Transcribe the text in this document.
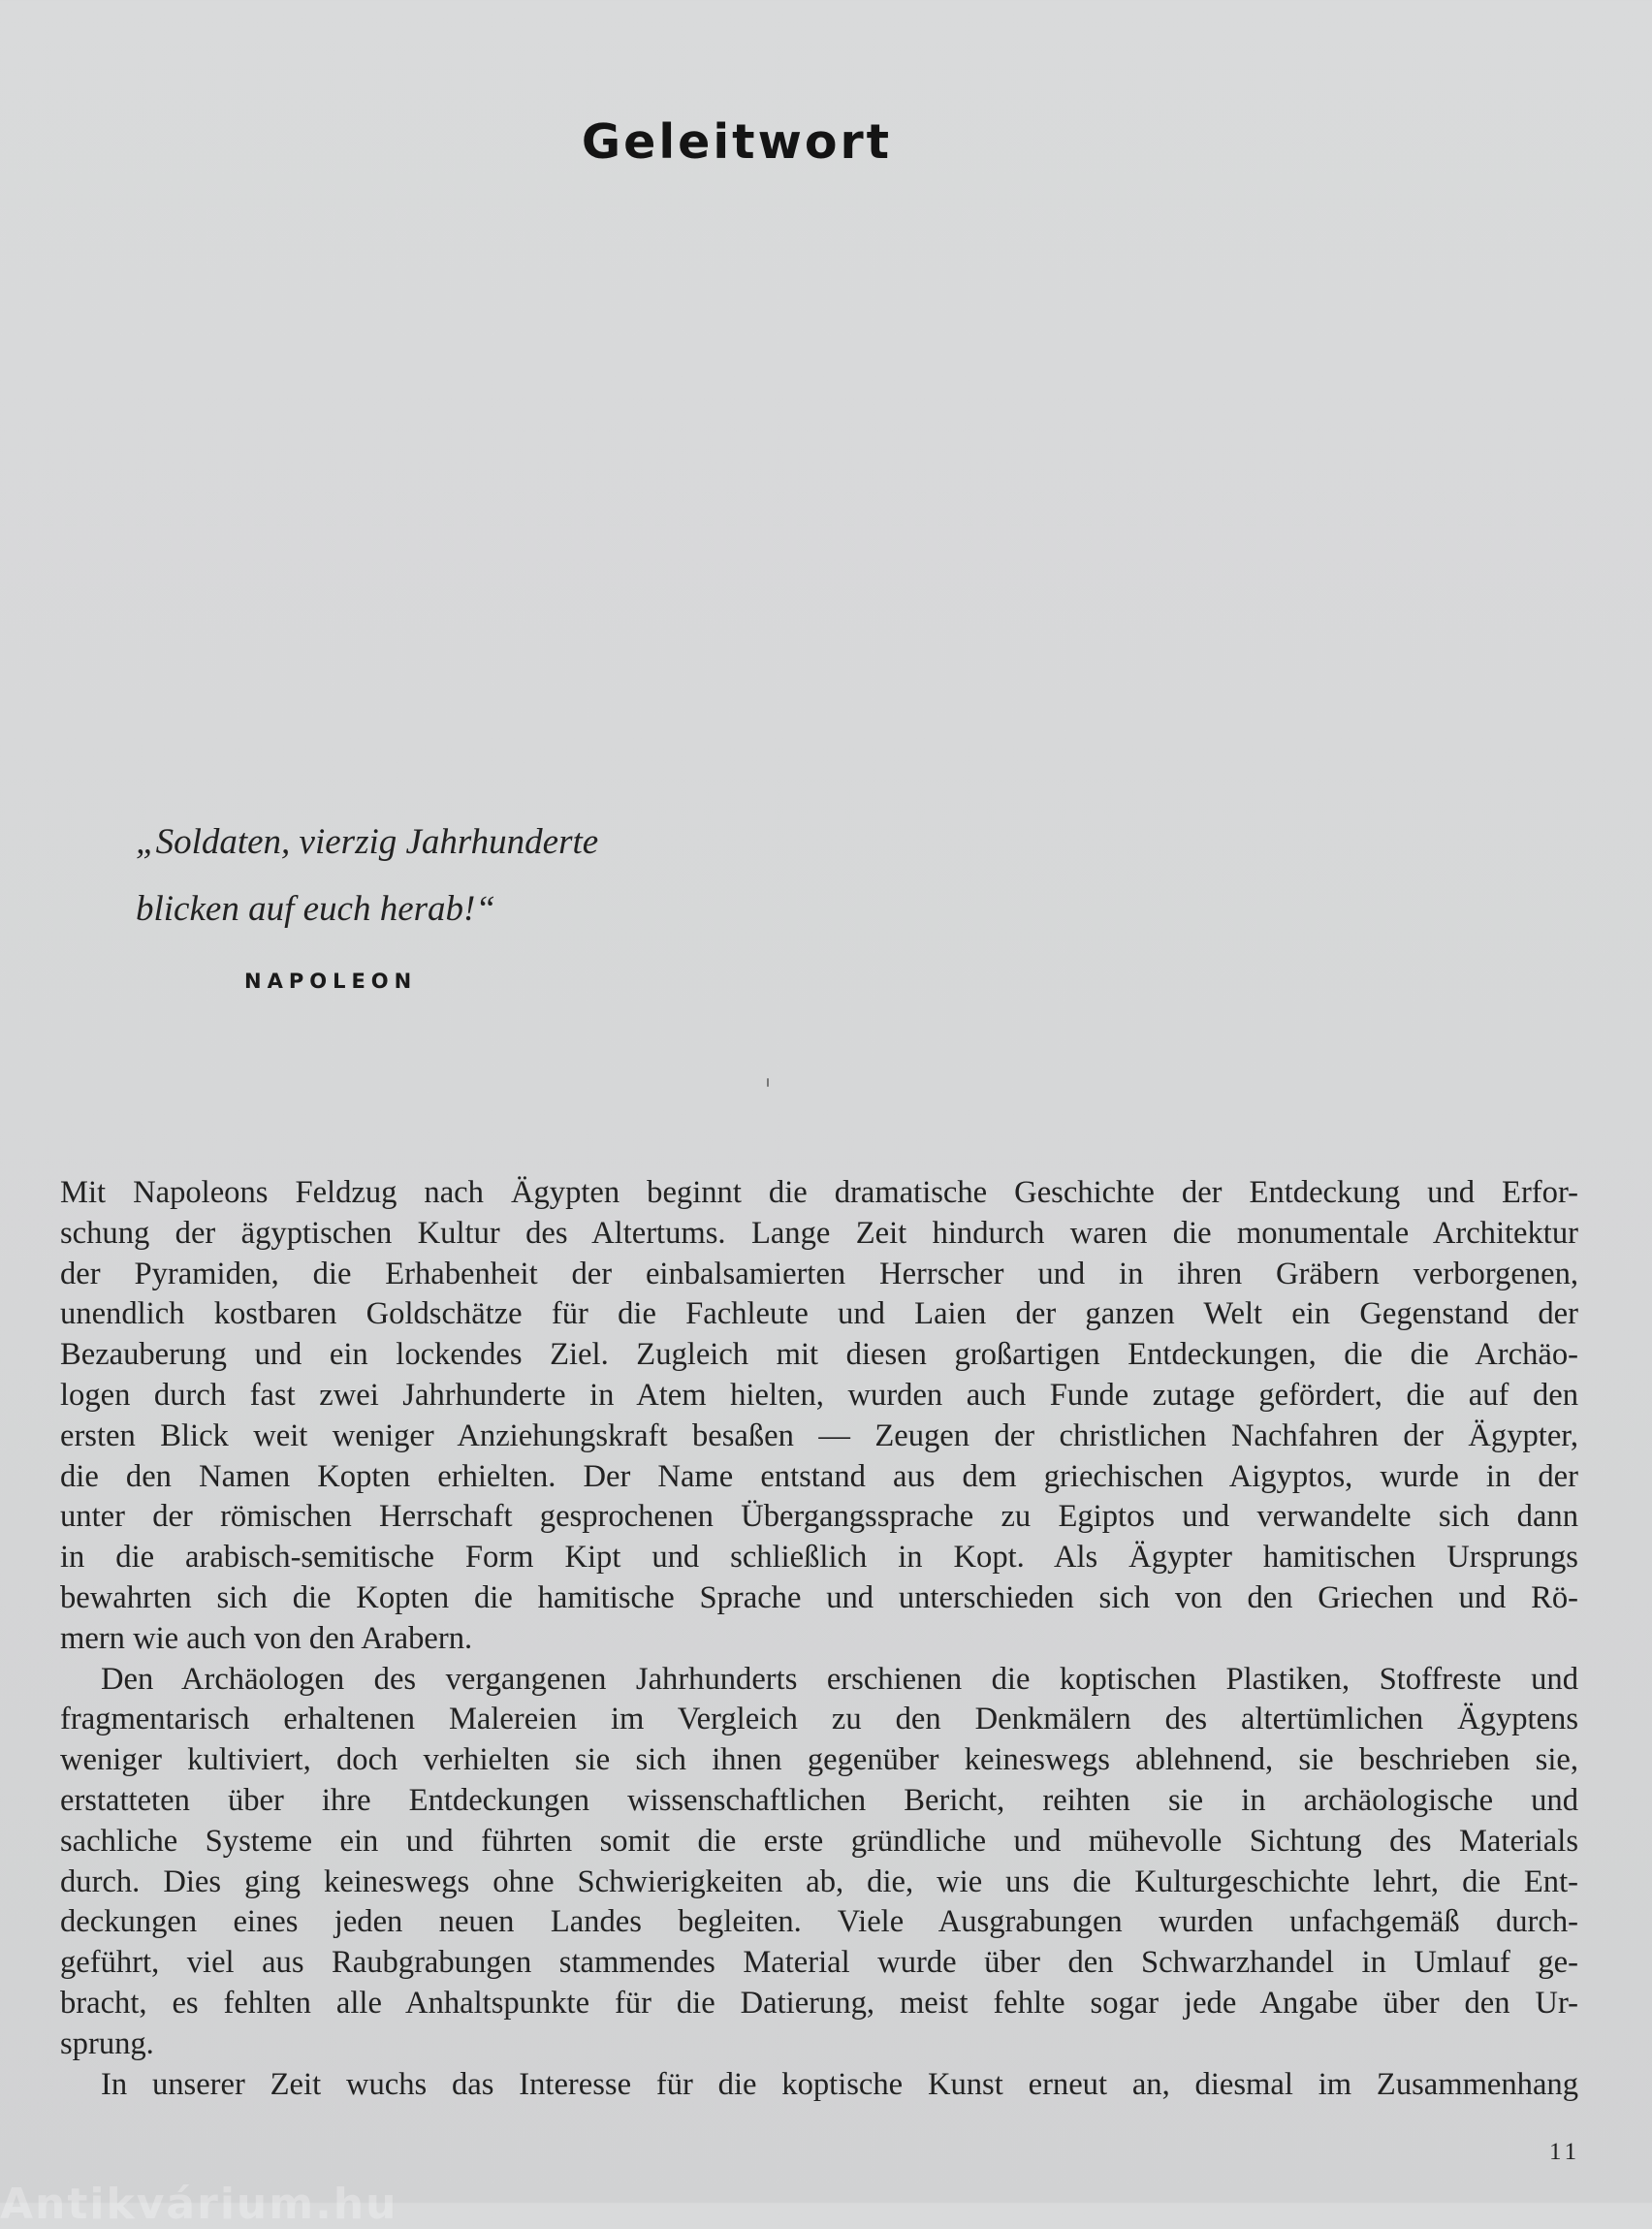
Geleitwort
„Soldaten, vierzig Jahrhunderte
blicken auf euch herab!“
NAPOLEON
Mit Napoleons Feldzug nach Ägypten beginnt die dramatische Geschichte der Entdeckung und Erfor-
schung der ägyptischen Kultur des Altertums. Lange Zeit hindurch waren die monumentale Architektur
der Pyramiden, die Erhabenheit der einbalsamierten Herrscher und in ihren Gräbern verborgenen,
unendlich kostbaren Goldschätze für die Fachleute und Laien der ganzen Welt ein Gegenstand der
Bezauberung und ein lockendes Ziel. Zugleich mit diesen großartigen Entdeckungen, die die Archäo-
logen durch fast zwei Jahrhunderte in Atem hielten, wurden auch Funde zutage gefördert, die auf den
ersten Blick weit weniger Anziehungskraft besaßen — Zeugen der christlichen Nachfahren der Ägypter,
die den Namen Kopten erhielten. Der Name entstand aus dem griechischen Aigyptos, wurde in der
unter der römischen Herrschaft gesprochenen Übergangssprache zu Egiptos und verwandelte sich dann
in die arabisch-semitische Form Kipt und schließlich in Kopt. Als Ägypter hamitischen Ursprungs
bewahrten sich die Kopten die hamitische Sprache und unterschieden sich von den Griechen und Rö-
mern wie auch von den Arabern.
Den Archäologen des vergangenen Jahrhunderts erschienen die koptischen Plastiken, Stoffreste und
fragmentarisch erhaltenen Malereien im Vergleich zu den Denkmälern des altertümlichen Ägyptens
weniger kultiviert, doch verhielten sie sich ihnen gegenüber keineswegs ablehnend, sie beschrieben sie,
erstatteten über ihre Entdeckungen wissenschaftlichen Bericht, reihten sie in archäologische und
sachliche Systeme ein und führten somit die erste gründliche und mühevolle Sichtung des Materials
durch. Dies ging keineswegs ohne Schwierigkeiten ab, die, wie uns die Kulturgeschichte lehrt, die Ent-
deckungen eines jeden neuen Landes begleiten. Viele Ausgrabungen wurden unfachgemäß durch-
geführt, viel aus Raubgrabungen stammendes Material wurde über den Schwarzhandel in Umlauf ge-
bracht, es fehlten alle Anhaltspunkte für die Datierung, meist fehlte sogar jede Angabe über den Ur-
sprung.
In unserer Zeit wuchs das Interesse für die koptische Kunst erneut an, diesmal im Zusammenhang
11
Antikvárium.hu
